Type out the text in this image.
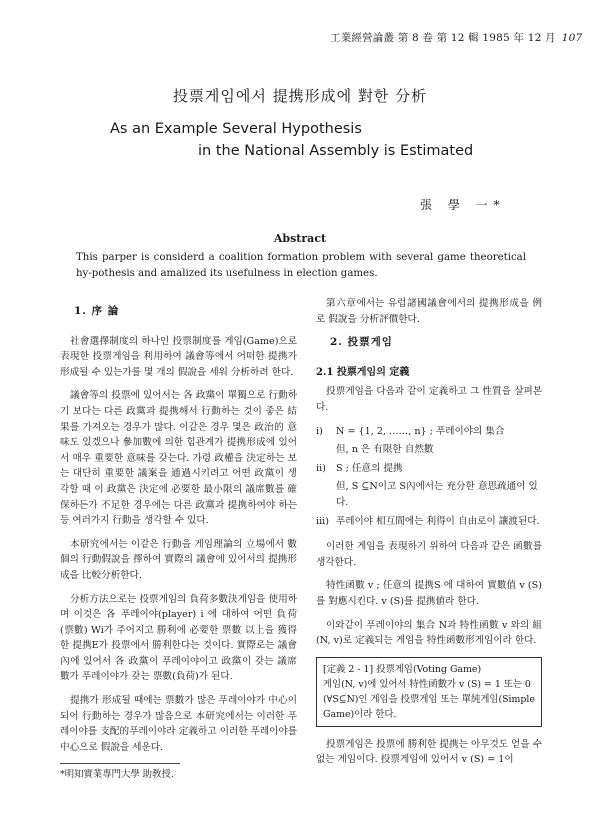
工業經營論叢 第 8 卷 第 12 輯 1985 年 12 月 107
投票게임에서 提携形成에 對한 分析
As an Example Several Hypothesis
in the National Assembly is Estimated
張 學 一*
Abstract
This parper is considerd a coalition formation problem with several game theoretical hy-pothesis and amalized its usefulness in election games.
1. 序 論

社會選擇制度의 하나인 投票制度를 게임(Game)으로 表現한 投票게임을 利用하여 議會等에서 어떠한 提携가 形成될 수 있는가를 몇 개의 假說을 세워 分析하려 한다.

議會等의 投票에 있어서는 各 政黨이 單獨으로 行動하기 보다는 다른 政黨과 提携해서 行動하는 것이 좋은 結果를 가져오는 경우가 많다. 이같은 경우 몇은 政治的 意味도 있겠으나 參加數에 의한 힘관계가 提携形成에 있어서 매우 重要한 意味를 갖는다. 가령 政權을 決定하는 보는 대단히 重要한 議案을 通過시키려고 어떤 政黨이 생각할 때 이 政黨은 決定에 必要한 最小限의 議席數를 確保하든가 不足한 경우에는 다른 政黨과 提携하여야 하는 등 여러가지 行動을 생각할 수 있다.

本研究에서는 이같은 行動을 게임理論의 立場에서 數個의 行動假說을 擇하여 實際의 議會에 있어서의 提携形成을 比較分析한다.

分析方法으로는 投票게임의 負荷多數決게임을 使用하며 이것은 各 푸레이야(player) i 에 대하여 어떤 負荷(票數) Wi가 주어지고 勝利에 必要한 票數 以上을 獲得한 提携E가 投票에서 勝利한다는 것이다. 實際로는 議會內에 있어서 各 政黨이 푸레이야이고 政黨이 갖는 議席數가 푸레이야가 갖는 票數(負荷)가 된다.

提携가 形成될 때에는 票數가 많은 푸레이야가 中心이 되어 行動하는 경우가 많음으로 本研究에서는 이러한 푸레이야를 支配的푸레이야라 定義하고 이러한 푸레이야를 中心으로 假說을 세운다.

*明知實業專門大學 助敎授.

第六章에서는 유럽諸國議會에서의 提携形成을 例로 假說을 分析評價한다.

2. 投票게임
2.1 投票게임의 定義

投票게임을 다음과 같이 定義하고 그 性質을 살펴본다.

i)	N = {1, 2, ……, n} ; 푸레이야의 集合
但, n 은 有限한 自然數
ii)	S ; 任意의 提携
但, S ⊆N이고 S內에서는 充分한 意思疏通이 있다.
iii) 푸레이야 相互間에는 利得이 自由로이 讓渡된다.

이러한 게임을 表現하기 위하여 다음과 같은 函數를 생각한다.

特性函數 v ; 任意의 提携S 에 대하여 實數值 v (S)를 對應시킨다. v (S)를 提携値라 한다.

이와같이 푸레이야의 集合 N과 特性函數 v 와의 組(N, v)로 定義되는 게임을 特性函數形게임이라 한다.

[定義 2 - 1] 投票게임(Voting Game)
게임(N, v)에 있어서 特性函數가 v (S) = 1 또는 0 (∀S⊆N)인 게임을 投票게임 또는 單純게임(Simple Game)이라 한다.

投票게임은 投票에 勝利한 提携는 아무것도 얻을 수 없는 게임이다. 投票게임에 있어서 v (S) = 1이
